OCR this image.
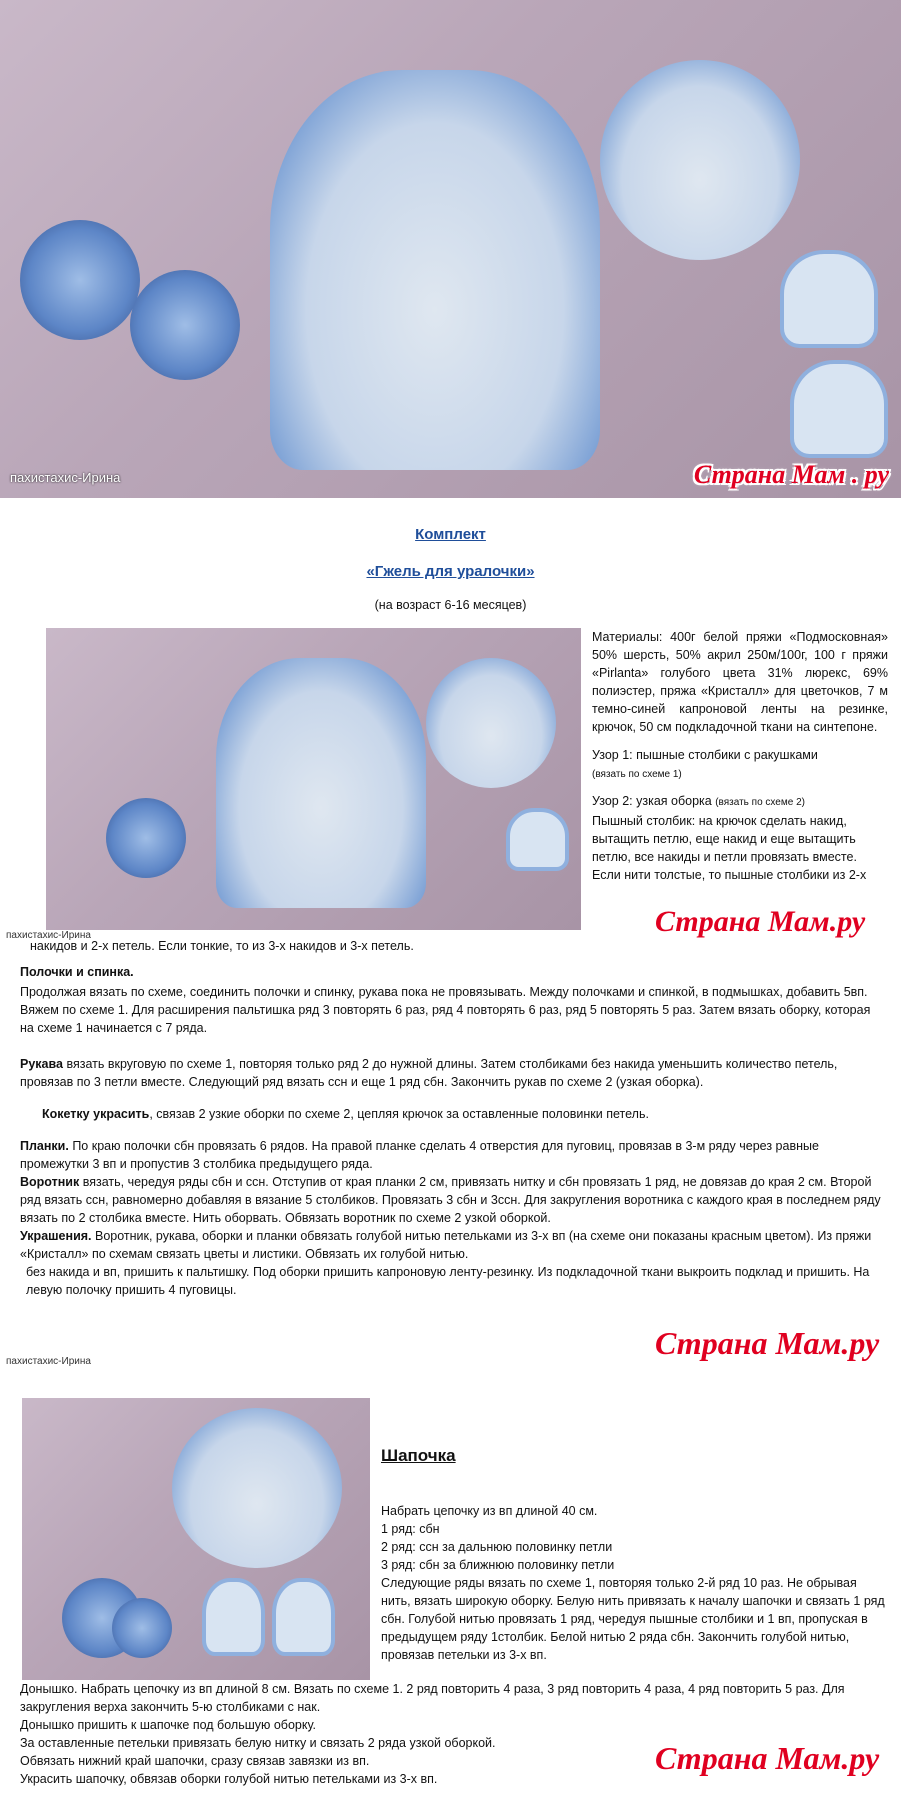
пахистахис-Ирина	Страна Мам . ру
Комплект
«Гжель для уралочки»
(на возраст 6-16 месяцев)
пахистахис-Ирина	Страна Мам.ру

Материалы: 400г белой пряжи «Подмосковная» 50% шерсть, 50% акрил 250м/100г, 100 г пряжи «Pirlanta» голубого цвета 31% люрекс, 69% полиэстер, пряжа «Кристалл» для цветочков, 7 м темно-синей капроновой ленты на резинке, крючок, 50 см подкладочной ткани на синтепоне.

Узор 1: пышные столбики с ракушками
(вязать по схеме 1)

Узор 2: узкая оборка (вязать по схеме 2)

Пышный столбик: на крючок сделать накид, вытащить петлю, еще накид и еще вытащить петлю, все накиды и петли провязать вместе. Если нити толстые, то пышные столбики из 2-х

накидов и 2-х петель. Если тонкие, то из 3-х накидов и 3-х петель.

Полочки и спинка.

Продолжая вязать по схеме, соединить полочки и спинку, рукава пока не провязывать. Между полочками и спинкой, в подмышках, добавить 5вп. Вяжем по схеме 1. Для расширения пальтишка ряд 3 повторять 6 раз, ряд 4 повторять 6 раз, ряд 5 повторять 5 раз. Затем вязать оборку, которая на схеме 1 начинается с 7 ряда.

Рукава вязать вкруговую по схеме 1, повторяя только ряд 2 до нужной длины. Затем столбиками без накида уменьшить количество петель, провязав по 3 петли вместе. Следующий ряд вязать ссн и еще 1 ряд сбн. Закончить рукав по схеме 2 (узкая оборка).

Кокетку украсить, связав 2 узкие оборки по схеме 2, цепляя крючок за оставленные половинки петель.

Планки. По краю полочки сбн провязать 6 рядов. На правой планке сделать 4 отверстия для пуговиц, провязав в 3-м ряду через равные промежутки 3 вп и пропустив 3 столбика предыдущего ряда.

Воротник вязать, чередуя ряды сбн и ссн. Отступив от края планки 2 см, привязать нитку и сбн провязать 1 ряд, не довязав до края 2 см. Второй ряд вязать ссн, равномерно добавляя в вязание 5 столбиков. Провязать 3 сбн и 3ссн. Для закругления воротника с каждого края в последнем ряду вязать по 2 столбика вместе. Нить оборвать. Обвязать воротник по схеме 2 узкой оборкой.

Украшения. Воротник, рукава, оборки и планки обвязать голубой нитью петельками из 3-х вп (на схеме они показаны красным цветом). Из пряжи «Кристалл» по схемам связать цветы и листики. Обвязать их голубой нитью.

без накида и вп, пришить к пальтишку. Под оборки пришить капроновую ленту-резинку. Из подкладочной ткани выкроить подклад и пришить. На левую полочку пришить 4 пуговицы.

пахистахис-Ирина
Страна Мам.ру
Шапочка

Набрать цепочку из вп длиной 40 см.

1 ряд: сбн

2 ряд: ссн за дальнюю половинку петли

3 ряд: сбн за ближнюю половинку петли

Следующие ряды вязать по схеме 1, повторяя только 2-й ряд 10 раз. Не обрывая нить, вязать широкую оборку. Белую нить привязать к началу шапочки и связать 1 ряд сбн. Голубой нитью провязать 1 ряд, чередуя пышные столбики и 1 вп, пропуская в предыдущем ряду 1столбик. Белой нитью 2 ряда сбн. Закончить голубой нитью, провязав петельки из 3-х вп.

Донышко. Набрать цепочку из вп длиной 8 см. Вязать по схеме 1. 2 ряд повторить 4 раза, 3 ряд повторить 4 раза, 4 ряд повторить 5 раз. Для закругления верха закончить 5-ю столбиками с нак.

Донышко пришить к шапочке под большую оборку.

За оставленные петельки привязать белую нитку и связать 2 ряда узкой оборкой.

Обвязать нижний край шапочки, сразу связав завязки из вп.

Украсить шапочку, обвязав оборки голубой нитью петельками из 3-х вп.

Страна Мам.ру
